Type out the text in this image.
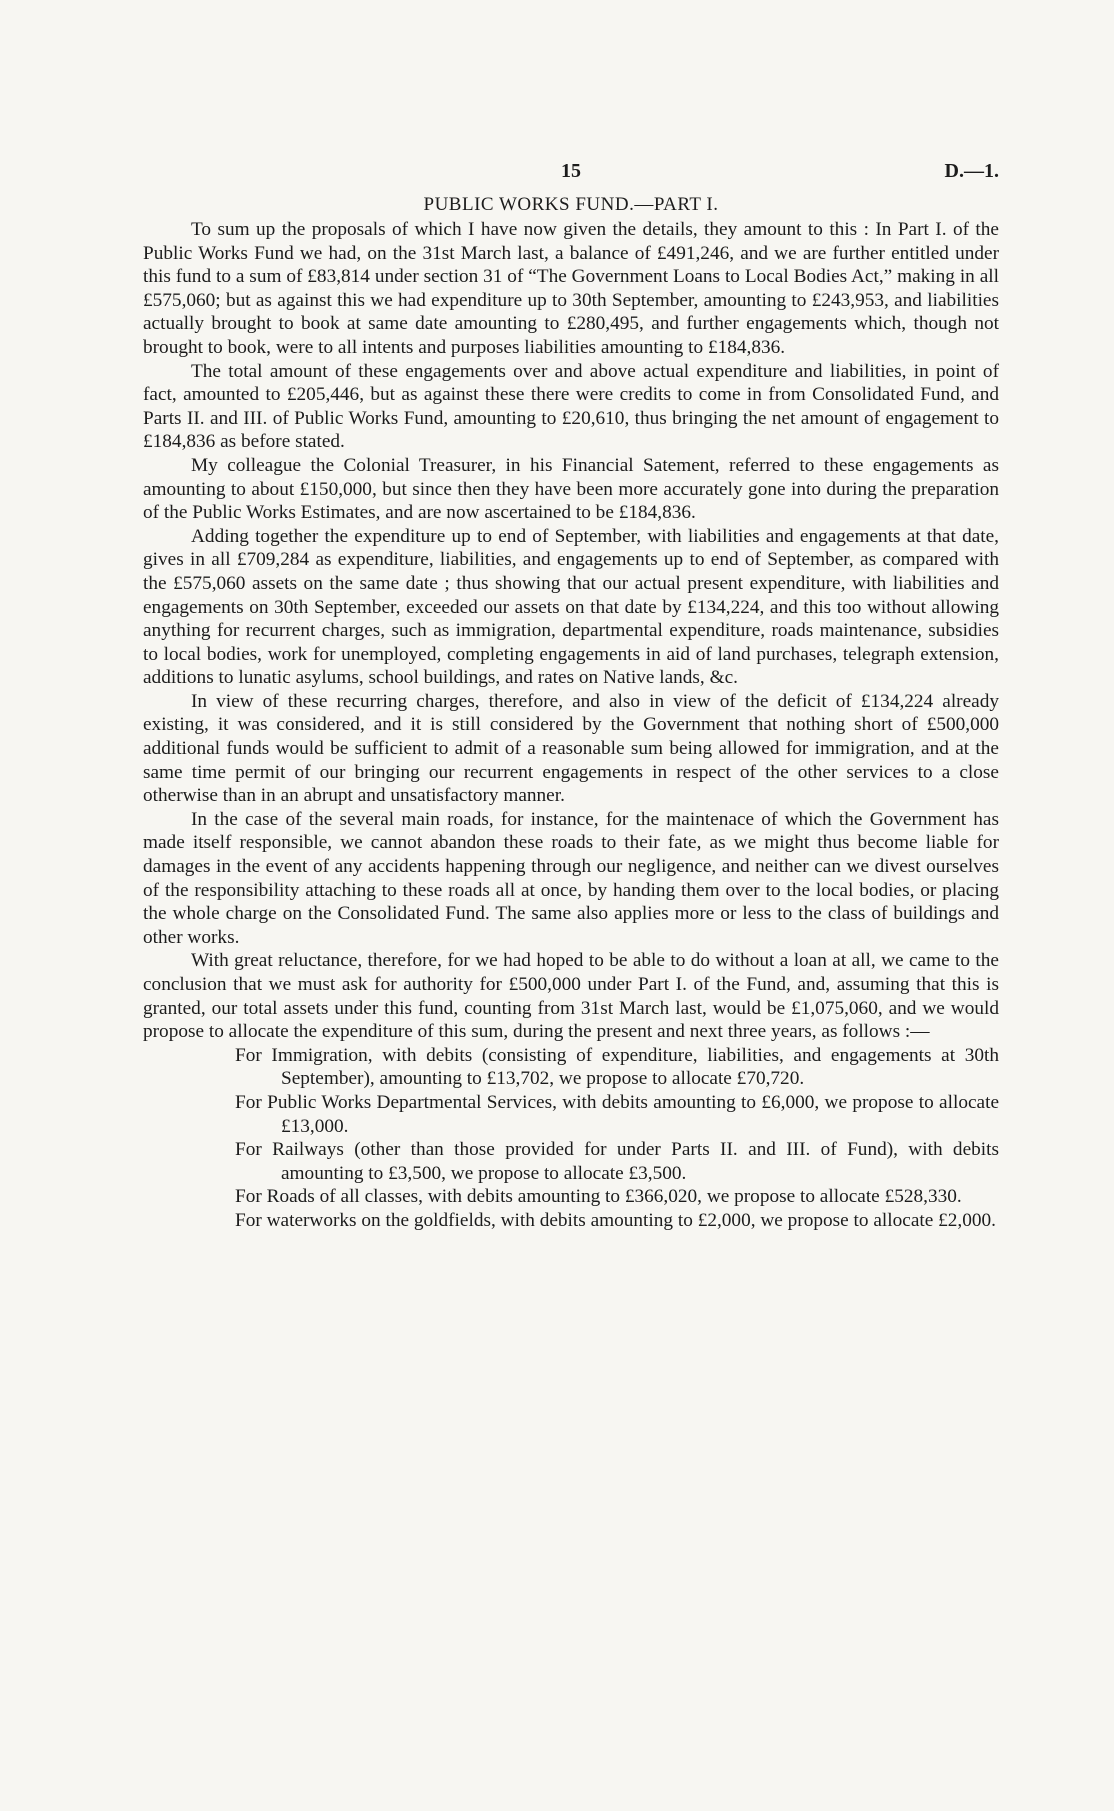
15	D.—1.
PUBLIC WORKS FUND.—PART I.

To sum up the proposals of which I have now given the details, they amount to this : In Part I. of the Public Works Fund we had, on the 31st March last, a balance of £491,246, and we are further entitled under this fund to a sum of £83,814 under section 31 of “The Government Loans to Local Bodies Act,” making in all £575,060; but as against this we had expenditure up to 30th September, amounting to £243,953, and liabilities actually brought to book at same date amounting to £280,495, and further engagements which, though not brought to book, were to all intents and purposes liabilities amounting to £184,836.

The total amount of these engagements over and above actual expenditure and liabilities, in point of fact, amounted to £205,446, but as against these there were credits to come in from Consolidated Fund, and Parts II. and III. of Public Works Fund, amounting to £20,610, thus bringing the net amount of engagement to £184,836 as before stated.

My colleague the Colonial Treasurer, in his Financial Satement, referred to these engagements as amounting to about £150,000, but since then they have been more accurately gone into during the preparation of the Public Works Estimates, and are now ascertained to be £184,836.

Adding together the expenditure up to end of September, with liabilities and engagements at that date, gives in all £709,284 as expenditure, liabilities, and engagements up to end of September, as compared with the £575,060 assets on the same date ; thus showing that our actual present expenditure, with liabilities and engagements on 30th September, exceeded our assets on that date by £134,224, and this too without allowing anything for recurrent charges, such as immigration, departmental expenditure, roads maintenance, subsidies to local bodies, work for unemployed, completing engagements in aid of land purchases, telegraph extension, additions to lunatic asylums, school buildings, and rates on Native lands, &c.

In view of these recurring charges, therefore, and also in view of the deficit of £134,224 already existing, it was considered, and it is still considered by the Government that nothing short of £500,000 additional funds would be sufficient to admit of a reasonable sum being allowed for immigration, and at the same time permit of our bringing our recurrent engagements in respect of the other services to a close otherwise than in an abrupt and unsatisfactory manner.

In the case of the several main roads, for instance, for the maintenace of which the Government has made itself responsible, we cannot abandon these roads to their fate, as we might thus become liable for damages in the event of any accidents happening through our negligence, and neither can we divest ourselves of the responsibility attaching to these roads all at once, by handing them over to the local bodies, or placing the whole charge on the Consolidated Fund. The same also applies more or less to the class of buildings and other works.

With great reluctance, therefore, for we had hoped to be able to do without a loan at all, we came to the conclusion that we must ask for authority for £500,000 under Part I. of the Fund, and, assuming that this is granted, our total assets under this fund, counting from 31st March last, would be £1,075,060, and we would propose to allocate the expenditure of this sum, during the present and next three years, as follows :—

For Immigration, with debits (consisting of expenditure, liabilities, and engagements at 30th September), amounting to £13,702, we propose to allocate £70,720.
For Public Works Departmental Services, with debits amounting to £6,000, we propose to allocate £13,000.
For Railways (other than those provided for under Parts II. and III. of Fund), with debits amounting to £3,500, we propose to allocate £3,500.
For Roads of all classes, with debits amounting to £366,020, we propose to allocate £528,330.
For waterworks on the goldfields, with debits amounting to £2,000, we propose to allocate £2,000.
